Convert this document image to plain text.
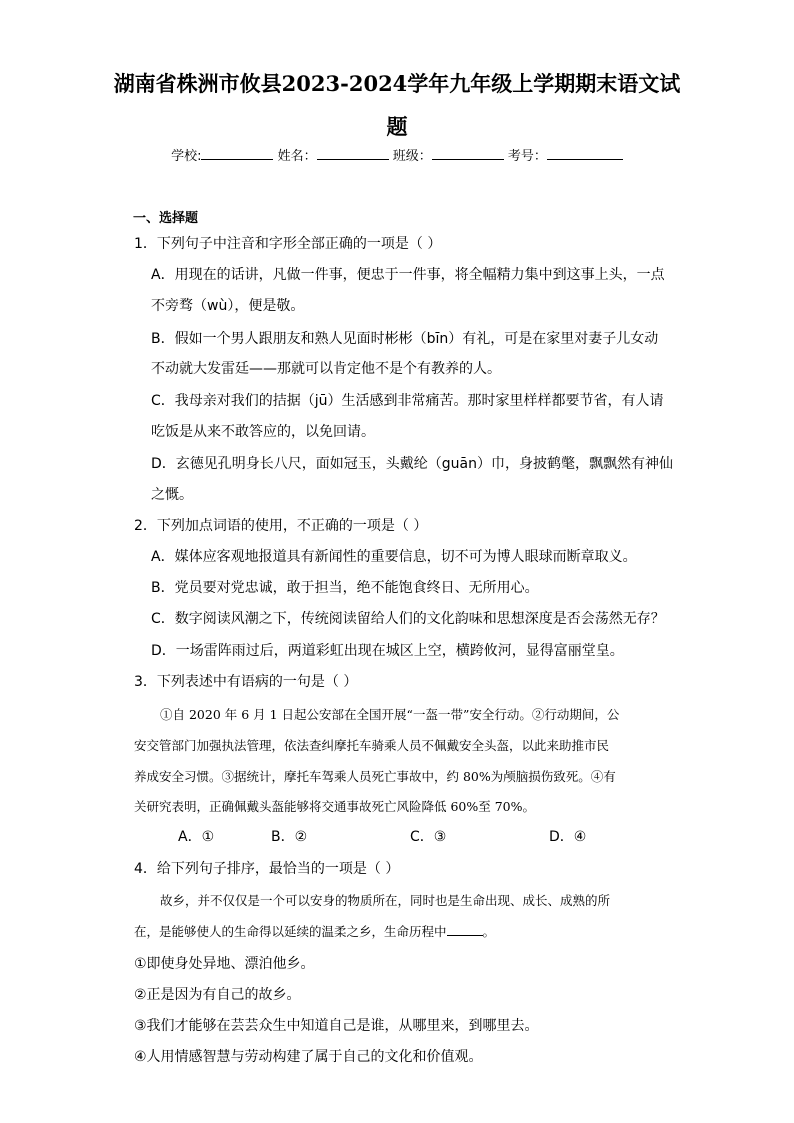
湖南省株洲市攸县2023-2024学年九年级上学期期末语文试
题
学校:	姓名：	班级：	考号：
一、选择题
1．下列句子中注音和字形全部正确的一项是（ ）
A．用现在的话讲，凡做一件事，便忠于一件事，将全幅精力集中到这事上头，一点
不旁骛（wù），便是敬。
B．假如一个男人跟朋友和熟人见面时彬彬（bīn）有礼，可是在家里对妻子儿女动
不动就大发雷廷——那就可以肯定他不是个有教养的人。
C．我母亲对我们的拮据（jū）生活感到非常痛苦。那时家里样样都要节省，有人请
吃饭是从来不敢答应的，以免回请。
D．玄德见孔明身长八尺，面如冠玉，头戴纶（guān）巾，身披鹤氅，飘飘然有神仙
之慨。
2．下列加点词语的使用，不正确的一项是（ ）
A．媒体应客观地报道具有新闻性的重要信息，切不可为博人眼球而断章取义。
B．党员要对党忠诚，敢于担当，绝不能饱食终日、无所用心。
C．数字阅读风潮之下，传统阅读留给人们的文化韵味和思想深度是否会荡然无存？
D．一场雷阵雨过后，两道彩虹出现在城区上空，横跨攸河，显得富丽堂皇。
3．下列表述中有语病的一句是（ ）
①自 2020 年 6 月 1 日起公安部在全国开展“一盔一带”安全行动。②行动期间，公
安交管部门加强执法管理，依法查纠摩托车骑乘人员不佩戴安全头盔，以此来助推市民
养成安全习惯。③据统计，摩托车驾乘人员死亡事故中，约 80%为颅脑损伤致死。④有
关研究表明，正确佩戴头盔能够将交通事故死亡风险降低 60%至 70%。
A．①	B．②	C．③	D．④
4．给下列句子排序，最恰当的一项是（ ）
故乡，并不仅仅是一个可以安身的物质所在，同时也是生命出现、成长、成熟的所
在，是能够使人的生命得以延续的温柔之乡，生命历程中	。
①即使身处异地、漂泊他乡。
②正是因为有自己的故乡。
③我们才能够在芸芸众生中知道自己是谁，从哪里来，到哪里去。
④人用情感智慧与劳动构建了属于自己的文化和价值观。
